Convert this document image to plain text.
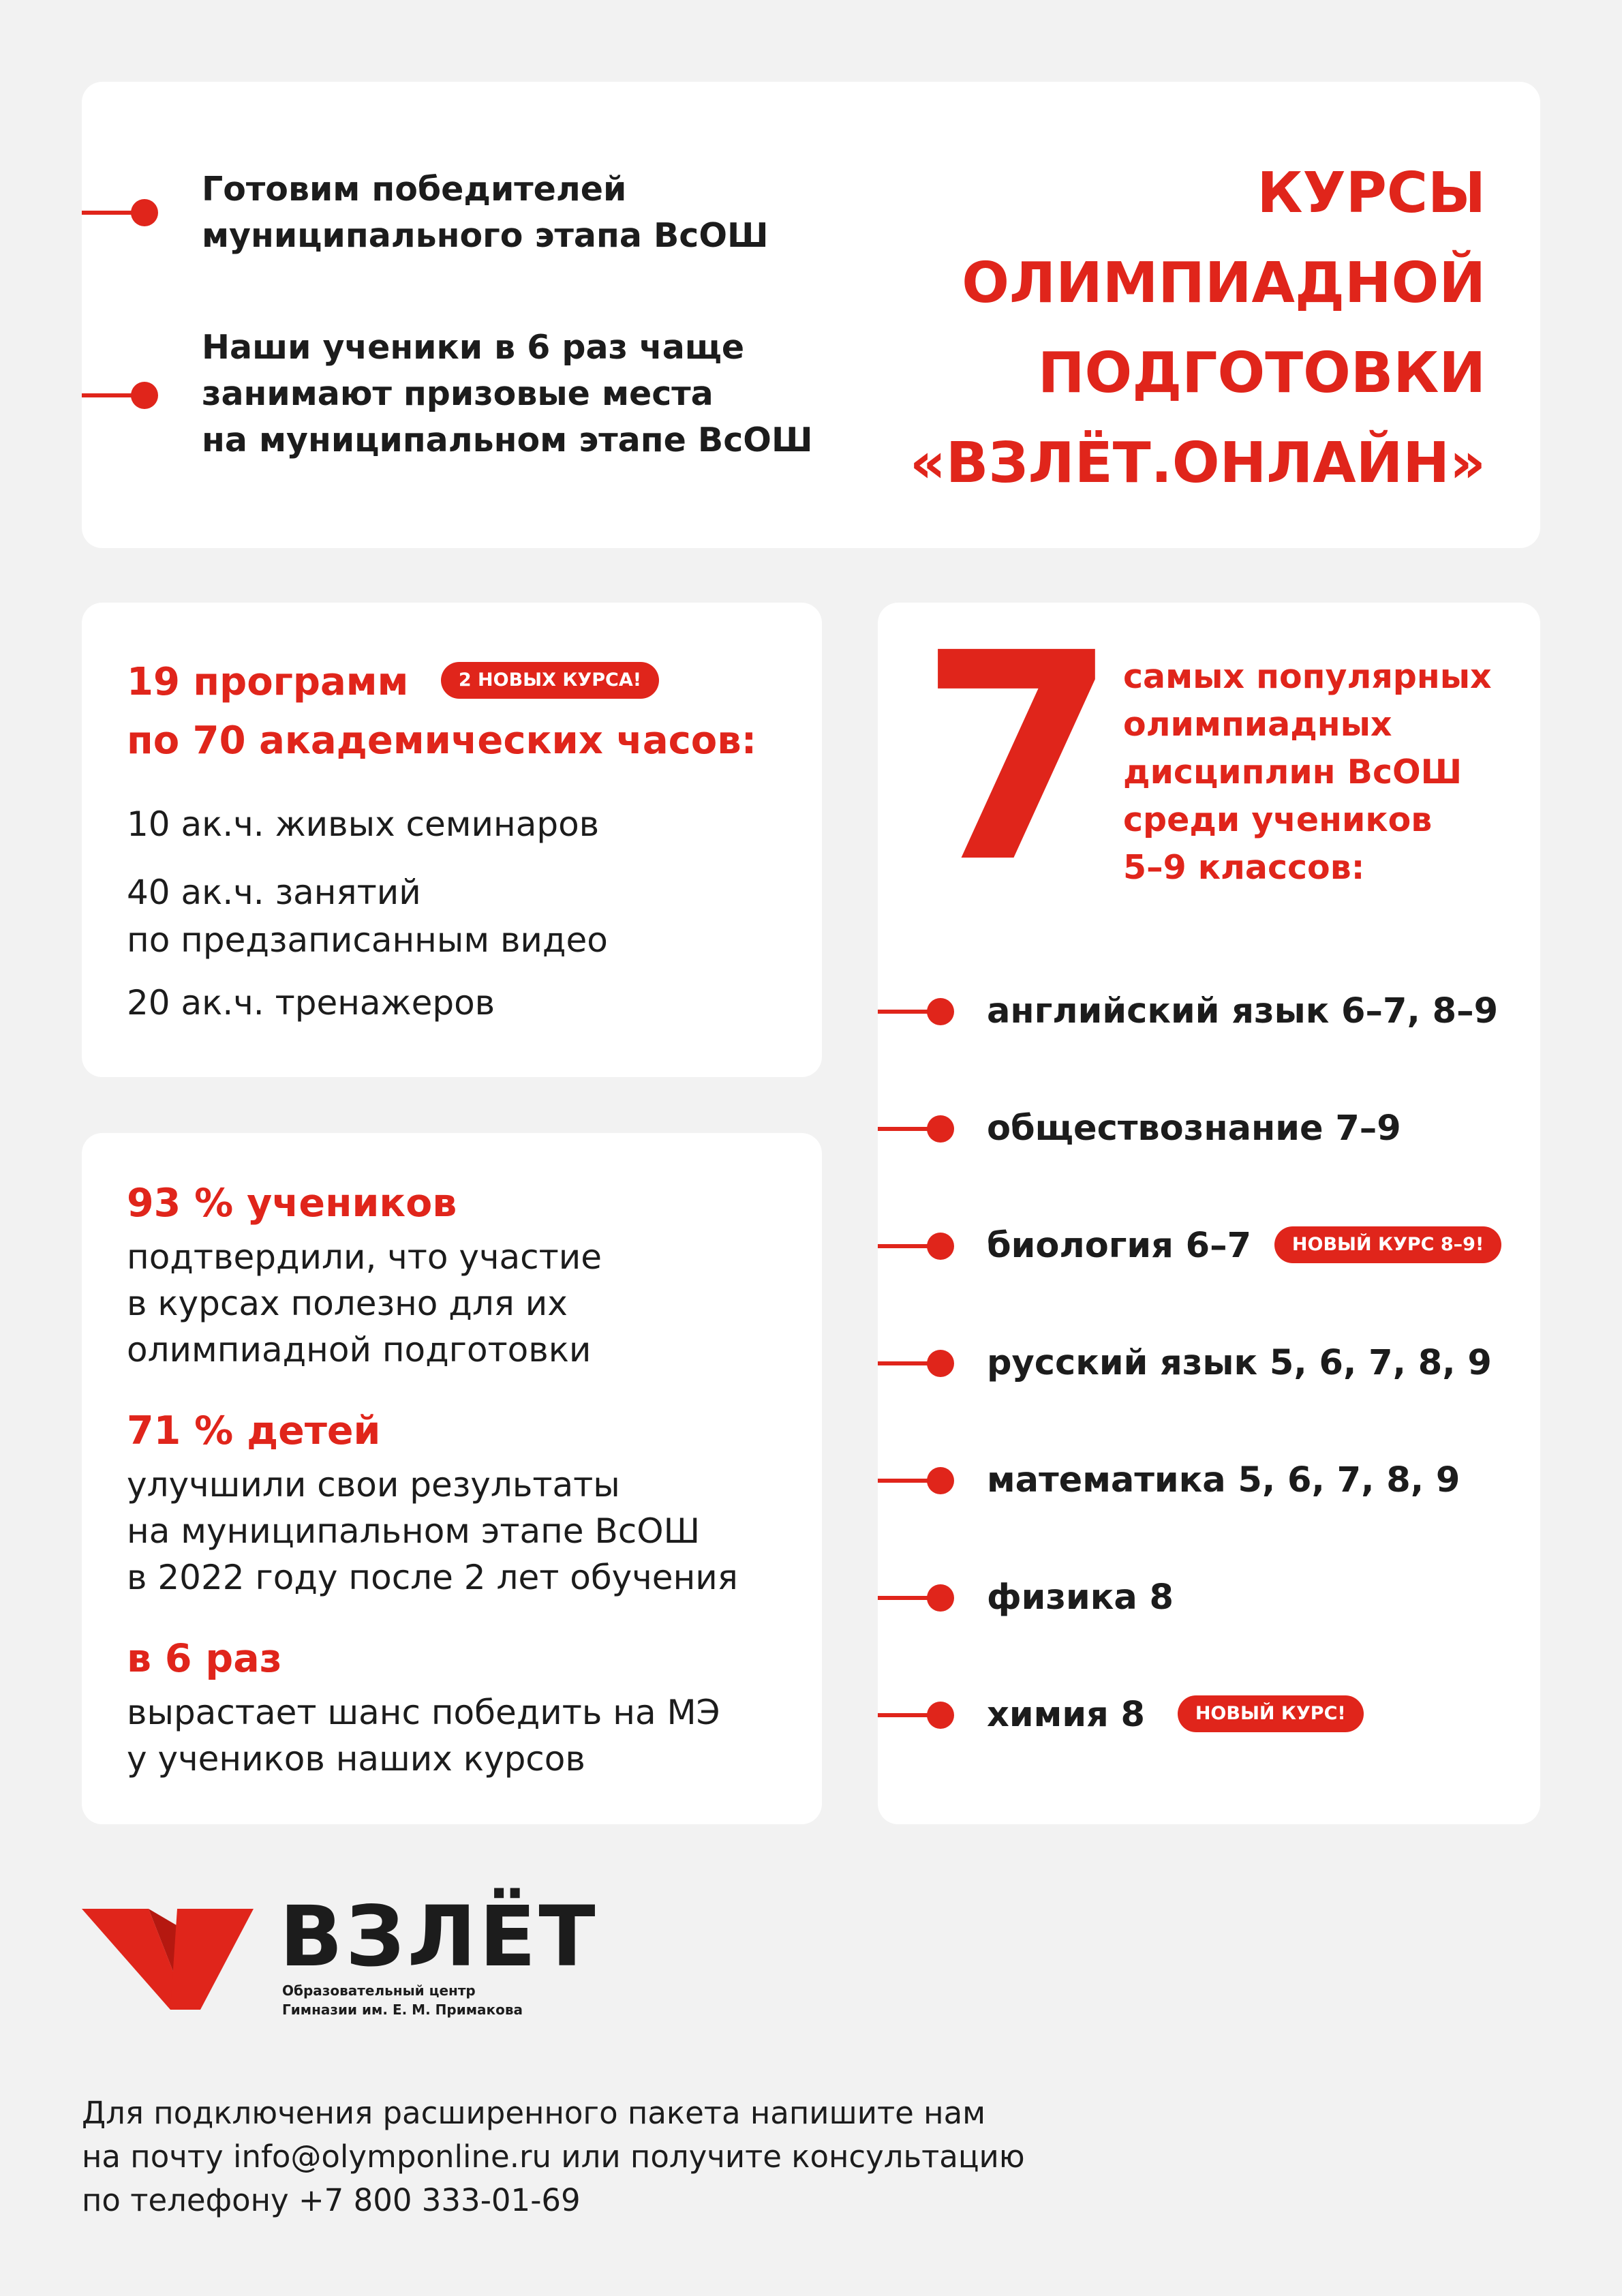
Готовим победителей
муниципального этапа ВсОШ
Наши ученики в 6 раз чаще
занимают призовые места
на муниципальном этапе ВсОШ
КУРСЫ
ОЛИМПИАДНОЙ
ПОДГОТОВКИ
«ВЗЛЁТ.ОНЛАЙН»
19 программ	2 НОВЫХ КУРСА!
по 70 академических часов:
10 ак.ч. живых семинаров
40 ак.ч. занятий
по предзаписанным видео
20 ак.ч. тренажеров
93 % учеников
подтвердили, что участие
в курсах полезно для их
олимпиадной подготовки
71 % детей
улучшили свои результаты
на муниципальном этапе ВсОШ
в 2022 году после 2 лет обучения
в 6 раз
вырастает шанс победить на МЭ
у учеников наших курсов
7 самых популярных
олимпиадных
дисциплин ВсОШ
среди учеников
5–9 классов:
английский язык 6–7, 8–9
обществознание 7–9
биология 6–7 НОВЫЙ КУРС 8–9!
русский язык 5, 6, 7, 8, 9
математика 5, 6, 7, 8, 9
физика 8
химия 8	НОВЫЙ КУРС!
ВЗЛЁТ
Образовательный центр
Гимназии им. Е. М. Примакова
Для подключения расширенного пакета напишите нам
на почту info@olymponline.ru или получите консультацию
по телефону +7 800 333-01-69
